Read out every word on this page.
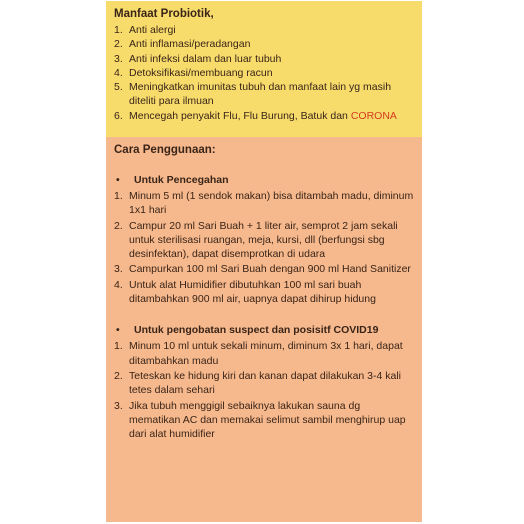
Manfaat Probiotik,
1. Anti alergi
2. Anti inflamasi/peradangan
3. Anti infeksi dalam dan luar tubuh
4. Detoksifikasi/membuang racun
5. Meningkatkan imunitas tubuh dan manfaat lain yg masih diteliti para ilmuan
6. Mencegah penyakit Flu, Flu Burung, Batuk dan CORONA
Cara Penggunaan:
•	Untuk Pencegahan
1. Minum 5 ml (1 sendok makan) bisa ditambah madu, diminum 1x1 hari
2. Campur 20 ml Sari Buah + 1 liter air, semprot 2 jam sekali untuk sterilisasi ruangan, meja, kursi, dll (berfungsi sbg desinfektan), dapat disemprotkan di udara
3. Campurkan 100 ml Sari Buah dengan 900 ml Hand Sanitizer
4. Untuk alat Humidifier dibutuhkan 100 ml sari buah ditambahkan 900 ml air, uapnya dapat dihirup hidung
•	Untuk pengobatan suspect dan posisitf COVID19
1. Minum 10 ml untuk sekali minum, diminum 3x 1 hari, dapat ditambahkan madu
2. Teteskan ke hidung kiri dan kanan dapat dilakukan 3-4 kali tetes dalam sehari
3. Jika tubuh menggigil sebaiknya lakukan sauna dg mematikan AC dan memakai selimut sambil menghirup uap dari alat humidifier
